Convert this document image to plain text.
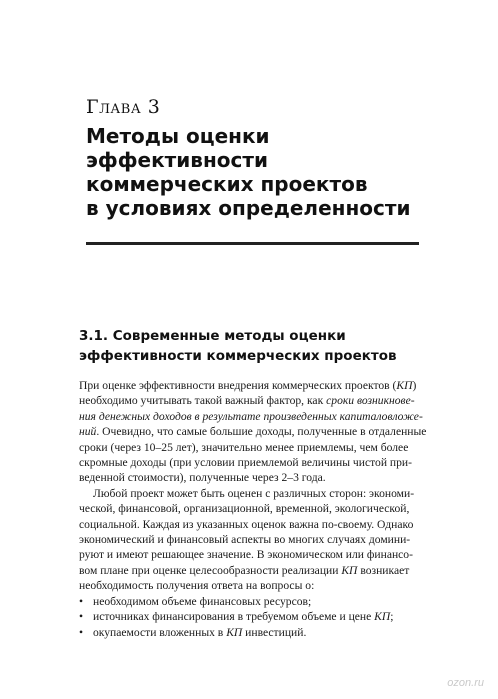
Глава 3
Методы оценки
эффективности
коммерческих проектов
в условиях определенности
3.1. Современные методы оценки
эффективности коммерческих проектов
При оценке эффективности внедрения коммерческих проектов (КП)
необходимо учитывать такой важный фактор, как сроки возникнове-
ния денежных доходов в результате произведенных капиталовложе-
ний. Очевидно, что самые большие доходы, полученные в отдаленные
сроки (через 10–25 лет), значительно менее приемлемы, чем более
скромные доходы (при условии приемлемой величины чистой при-
веденной стоимости), полученные через 2–3 года.
Любой проект может быть оценен с различных сторон: экономи-
ческой, финансовой, организационной, временной, экологической,
социальной. Каждая из указанных оценок важна по-своему. Однако
экономический и финансовый аспекты во многих случаях домини-
руют и имеют решающее значение. В экономическом или финансо-
вом плане при оценке целесообразности реализации КП возникает
необходимость получения ответа на вопросы о:
• необходимом объеме финансовых ресурсов;
• источниках финансирования в требуемом объеме и цене КП;
• окупаемости вложенных в КП инвестиций.
ozon.ru
